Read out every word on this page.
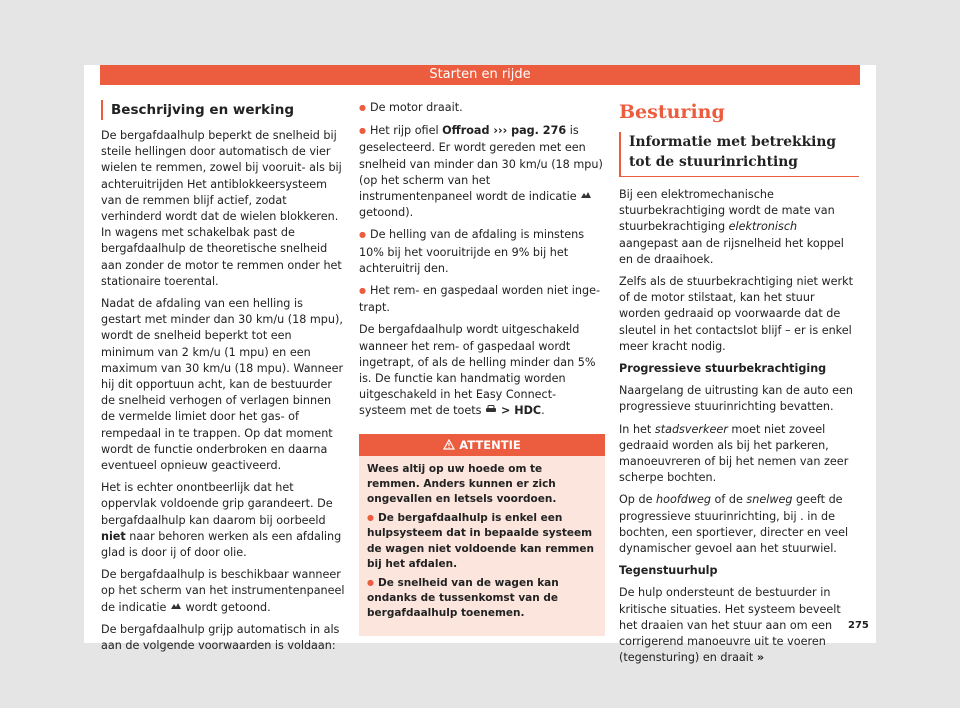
Starten en rijde
Beschrijving en werking

De bergafdaalhulp beperkt de snelheid bij steile hellingen door automatisch de vier wielen te remmen, zowel bij vooruit- als bij achteruitrijden Het antiblokkeersysteem van de remmen blijf actief, zodat verhinderd wordt dat de wielen blokkeren. In wagens met schakelbak past de bergafdaalhulp de theoretische snelheid aan zonder de motor te remmen onder het stationaire toerental.

Nadat de afdaling van een helling is gestart met minder dan 30 km/u (18 mpu), wordt de snelheid beperkt tot een minimum van 2 km/u (1 mpu) en een maximum van 30 km/u (18 mpu). Wanneer hij dit opportuun acht, kan de bestuurder de snelheid verhogen of verlagen binnen de vermelde limiet door het gas- of rempedaal in te trappen. Op dat moment wordt de functie onderbroken en daarna eventueel opnieuw geactiveerd.

Het is echter onontbeerlijk dat het oppervlak voldoende grip garandeert. De bergafdaalhulp kan daarom bij oorbeeld niet naar behoren werken als een afdaling glad is door ij of door olie.

De bergafdaalhulp is beschikbaar wanneer op het scherm van het instrumentenpaneel de indicatie  wordt getoond.

De bergafdaalhulp grijp automatisch in als aan de volgende voorwaarden is voldaan:

● De motor draait.

● Het rijp ofiel Offroad ››› pag. 276 is geselecteerd. Er wordt gereden met een snelheid van minder dan 30 km/u (18 mpu) (op het scherm van het instrumentenpaneel wordt de indicatie  getoond).

● De helling van de afdaling is minstens 10% bij het vooruitrijde en 9% bij het achteruitrij den.

● Het rem- en gaspedaal worden niet ingetrapt.

De bergafdaalhulp wordt uitgeschakeld wanneer het rem- of gaspedaal wordt ingetrapt, of als de helling minder dan 5% is. De functie kan handmatig worden uitgeschakeld in het Easy Connect-systeem met de toets  > HDC.

ATTENTIE

Wees altij op uw hoede om te remmen. Anders kunnen er zich ongevallen en letsels voordoen.

● De bergafdaalhulp is enkel een hulpsysteem dat in bepaalde systeem de wagen niet voldoende kan remmen bij het afdalen.

● De snelheid van de wagen kan ondanks de tussenkomst van de bergafdaalhulp toenemen.

Besturing
Informatie met betrekking tot de stuurinrichting

Bij een elektromechanische stuurbekrachtiging wordt de mate van stuurbekrachtiging elektronisch aangepast aan de rijsnelheid het koppel en de draaihoek.

Zelfs als de stuurbekrachtiging niet werkt of de motor stilstaat, kan het stuur worden gedraaid op voorwaarde dat de sleutel in het contactslot blijf – er is enkel meer kracht nodig.

Progressieve stuurbekrachtiging

Naargelang de uitrusting kan de auto een progressieve stuurinrichting bevatten.

In het stadsverkeer moet niet zoveel gedraaid worden als bij het parkeren, manoeuvreren of bij het nemen van zeer scherpe bochten.

Op de hoofdweg of de snelweg geeft de progressieve stuurinrichting, bij . in de bochten, een sportiever, directer en veel dynamischer gevoel aan het stuurwiel.

Tegenstuurhulp

De hulp ondersteunt de bestuurder in kritische situaties. Het systeem beveelt het draaien van het stuur aan om een corrigerend manoeuvre uit te voeren (tegensturing) en draait »

275
